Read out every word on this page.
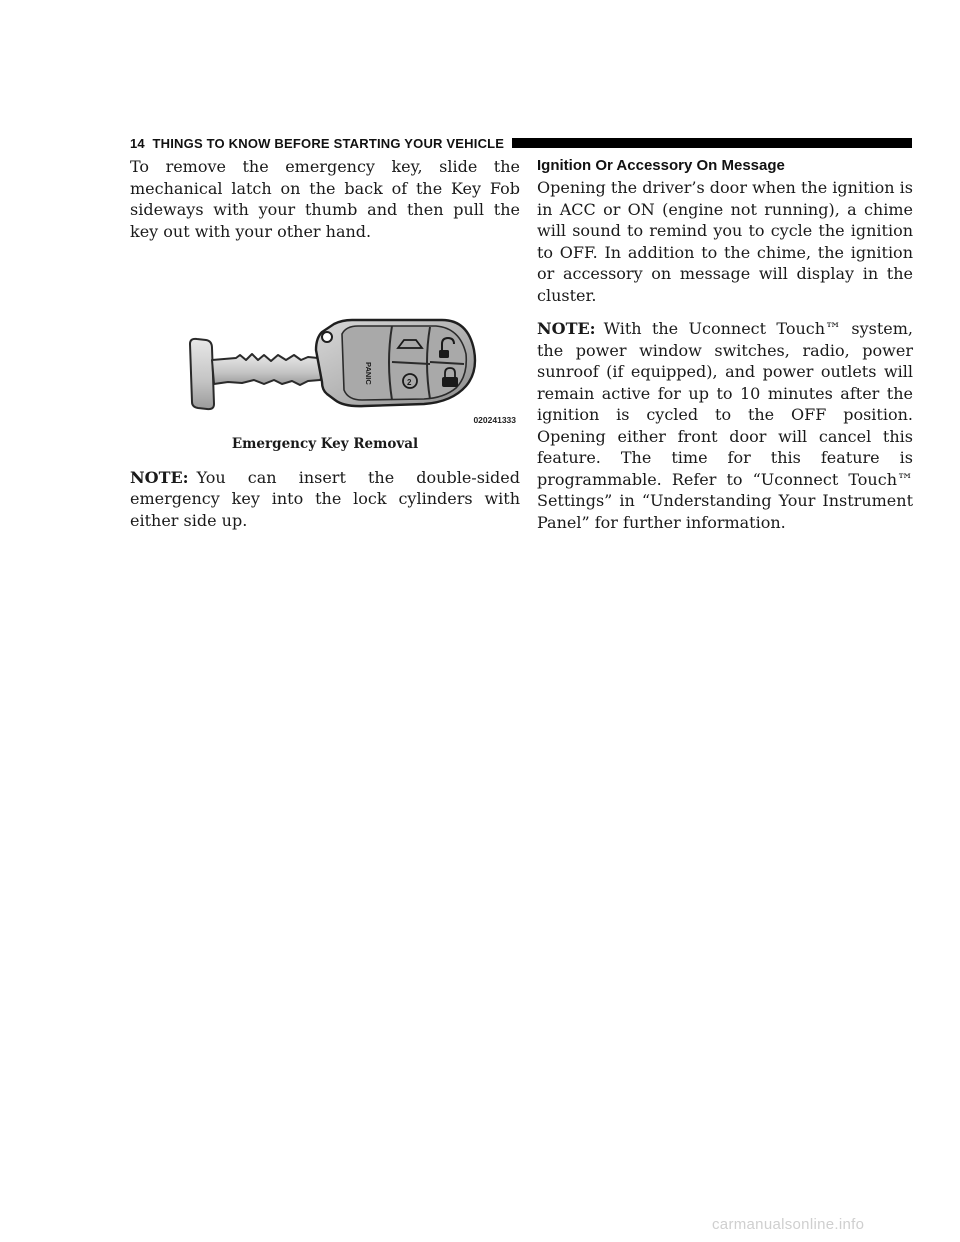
14 THINGS TO KNOW BEFORE STARTING YOUR VEHICLE

To remove the emergency key, slide the mechanical latch on the back of the Key Fob sideways with your thumb and then pull the key out with your other hand.

PANIC	2
020241333
Emergency Key Removal

NOTE: You can insert the double-sided emergency key into the lock cylinders with either side up.

Ignition Or Accessory On Message

Opening the driver’s door when the ignition is in ACC or ON (engine not running), a chime will sound to remind you to cycle the ignition to OFF. In addition to the chime, the ignition or accessory on message will display in the cluster.

NOTE: With the Uconnect Touch™ system, the power window switches, radio, power sunroof (if equipped), and power outlets will remain active for up to 10 minutes after the ignition is cycled to the OFF position. Opening either front door will cancel this feature. The time for this feature is programmable. Refer to “Uconnect Touch™ Settings” in “Understanding Your Instrument Panel” for further information.

carmanualsonline.info
